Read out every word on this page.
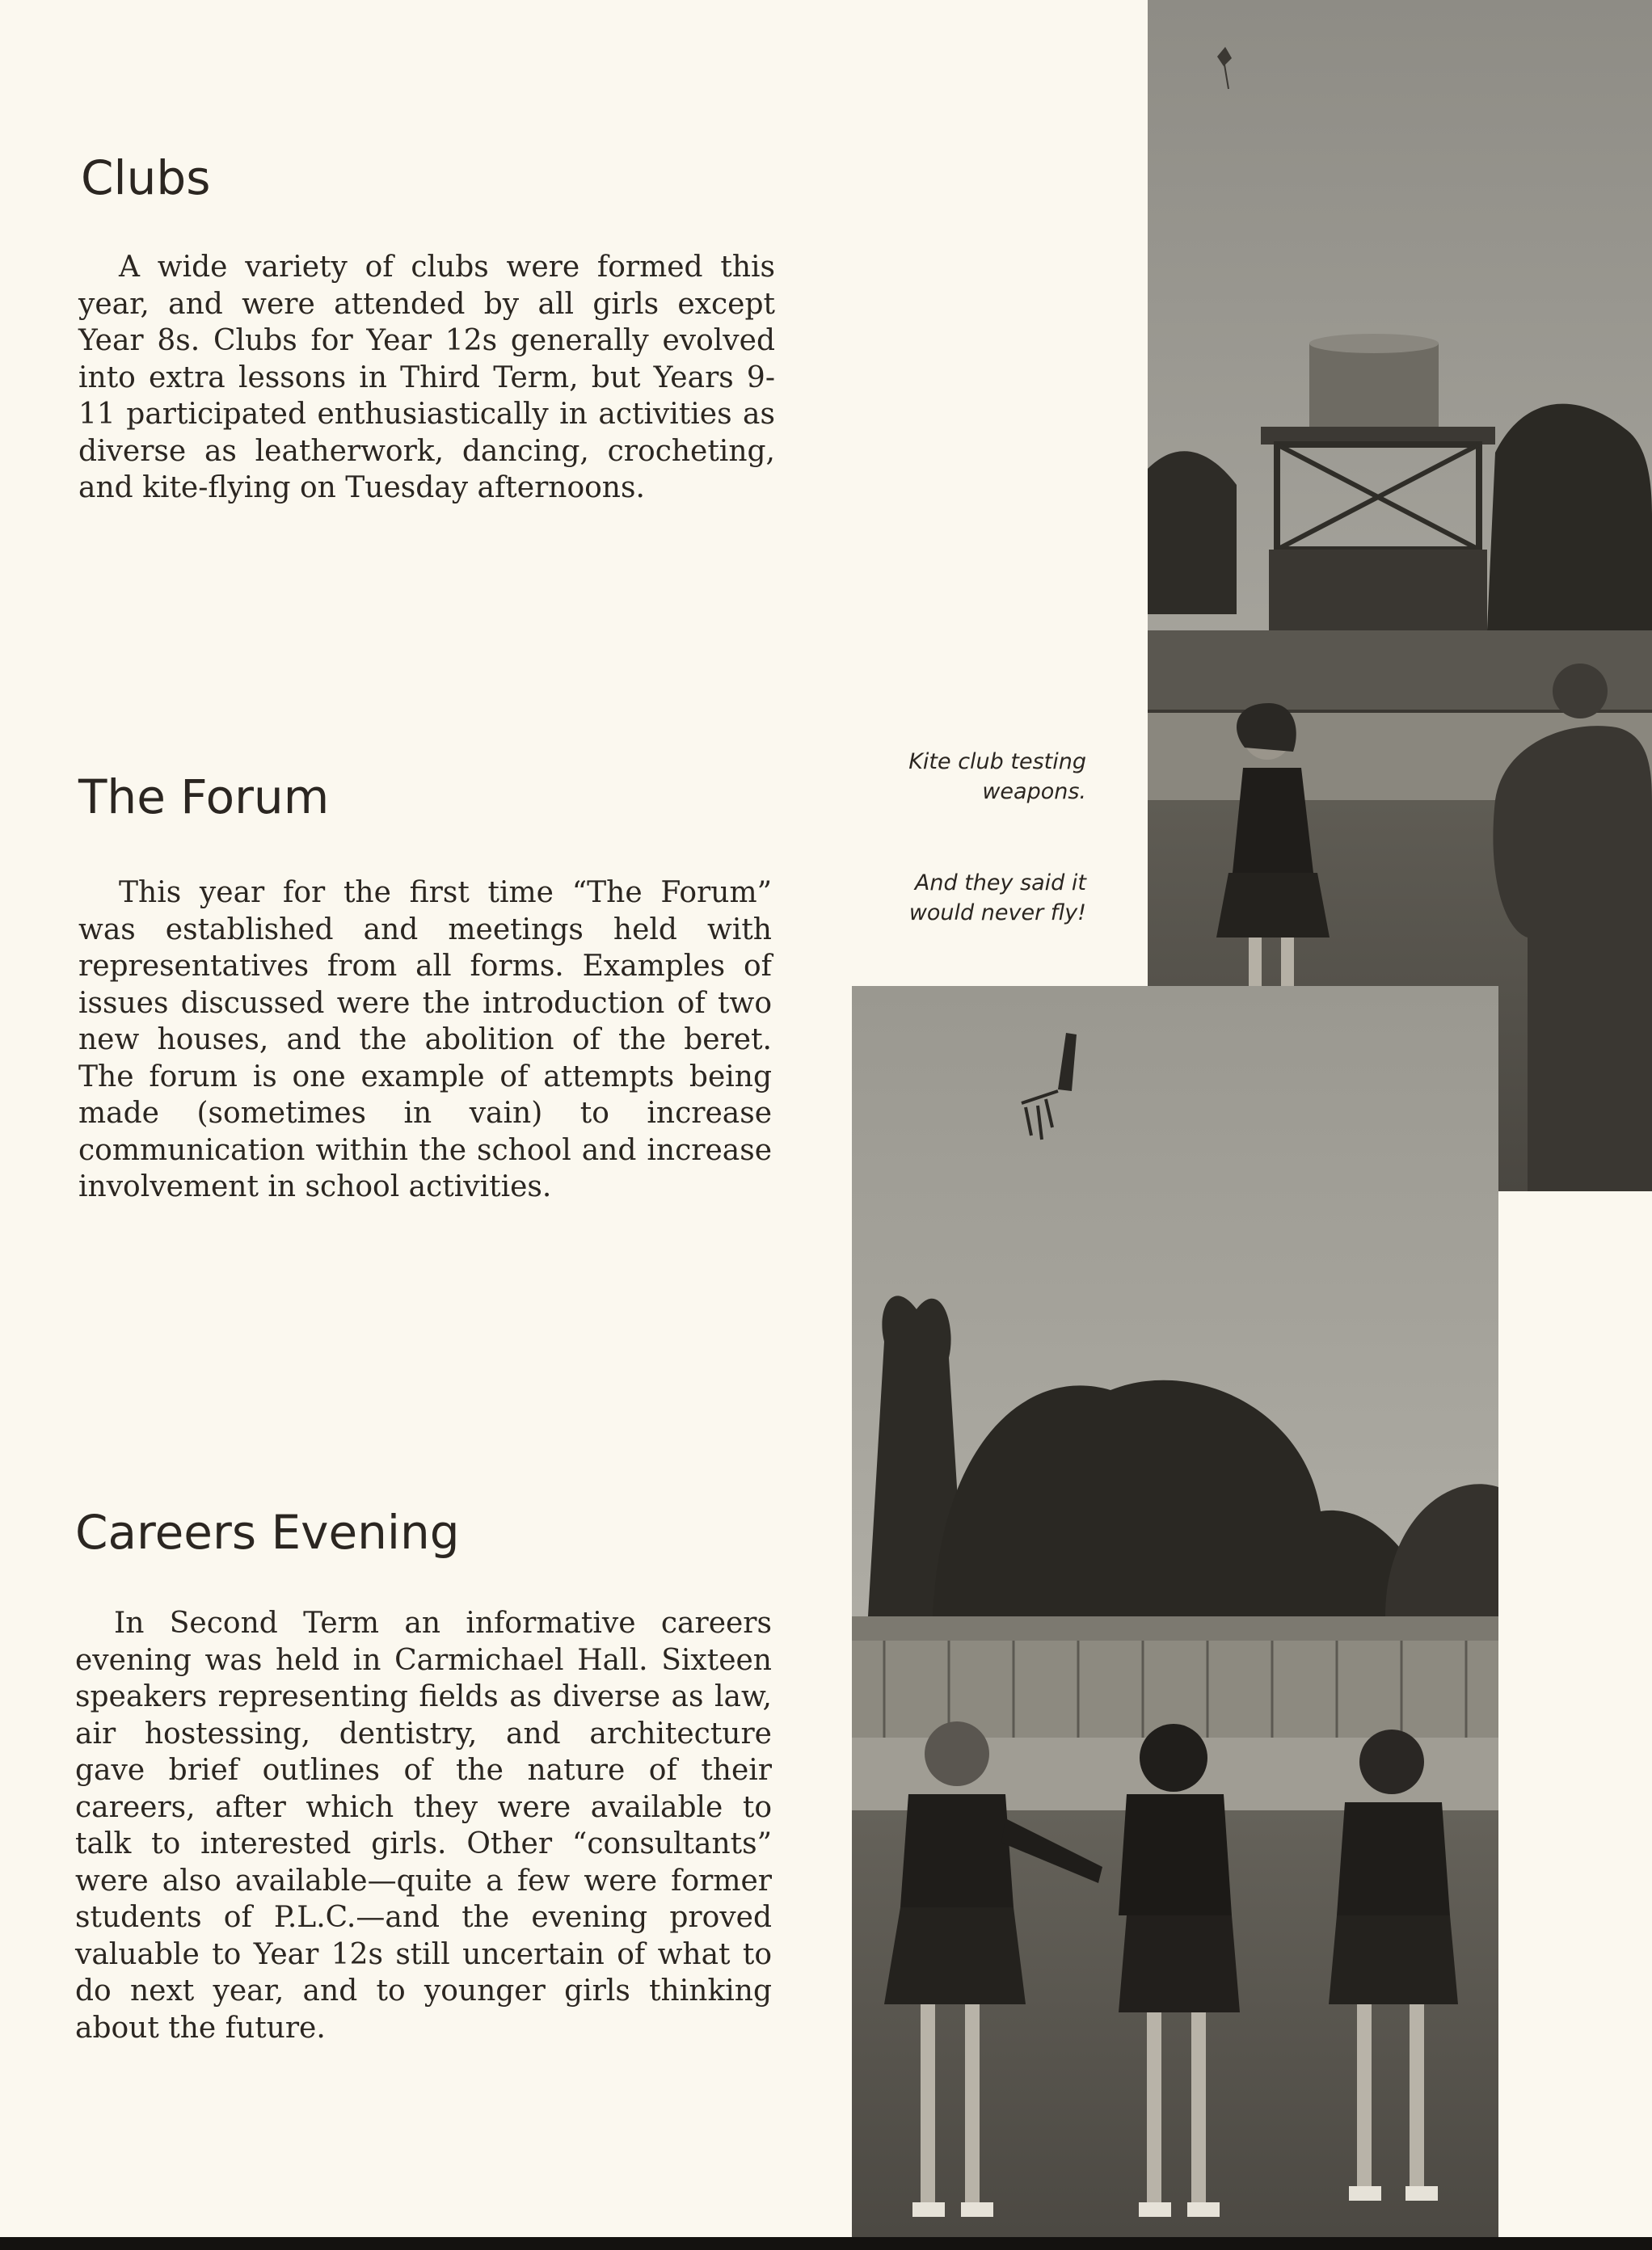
Clubs

A wide variety of clubs were formed this year, and were attended by all girls except Year 8s. Clubs for Year 12s generally evolved into extra lessons in Third Term, but Years 9-11 participated enthusiastically in activities as diverse as leatherwork, dancing, crocheting, and kite-flying on Tuesday afternoons.

The Forum

This year for the first time “The Forum” was established and meetings held with representatives from all forms. Examples of issues discussed were the introduction of two new houses, and the abolition of the beret. The forum is one example of attempts being made (sometimes in vain) to increase communication within the school and increase involvement in school activities.

Careers Evening

In Second Term an informative careers evening was held in Carmichael Hall. Sixteen speakers representing fields as diverse as law, air hostessing, dentistry, and architecture gave brief outlines of the nature of their careers, after which they were available to talk to interested girls. Other “consultants” were also available—quite a few were former students of P.L.C.—and the evening proved valuable to Year 12s still uncertain of what to do next year, and to younger girls thinking about the future.

Kite club testing weapons.

And they said it would never fly!
